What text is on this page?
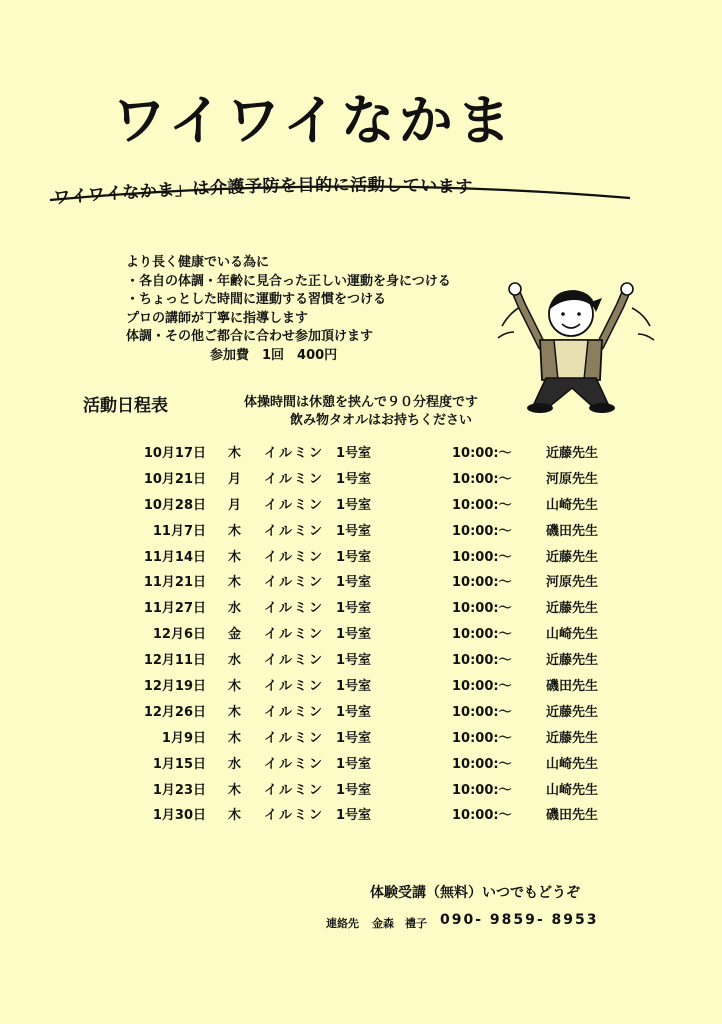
ワイワイなかま
ワイワイなかま」は介護予防を目的に活動しています
より長く健康でいる為に
・各自の体調・年齢に見合った正しい運動を身につける
・ちょっとした時間に運動する習慣をつける
プロの講師が丁寧に指導します
体調・その他ご都合に合わせ参加頂けます
参加費　1回　400円
活動日程表	体操時間は休憩を挟んで９０分程度です
飲み物タオルはお持ちください
10月17日 木 イルミン 1号室	10:00:～	近藤先生
10月21日 月 イルミン 1号室	10:00:～	河原先生
10月28日 月 イルミン 1号室	10:00:～	山崎先生
11月7日 木 イルミン 1号室	10:00:～	磯田先生
11月14日 木 イルミン 1号室	10:00:～	近藤先生
11月21日 木 イルミン 1号室	10:00:～	河原先生
11月27日 水 イルミン 1号室	10:00:～	近藤先生
12月6日 金 イルミン 1号室	10:00:～	山崎先生
12月11日 水 イルミン 1号室	10:00:～	近藤先生
12月19日 木 イルミン 1号室	10:00:～	磯田先生
12月26日 木 イルミン 1号室	10:00:～	近藤先生
1月9日 木 イルミン 1号室	10:00:～	近藤先生
1月15日 水 イルミン 1号室	10:00:～	山崎先生
1月23日 木 イルミン 1号室	10:00:～	山崎先生
1月30日 木 イルミン 1号室	10:00:～	磯田先生
体験受講（無料）いつでもどうぞ
連絡先 金森　禮子 090- 9859- 8953
